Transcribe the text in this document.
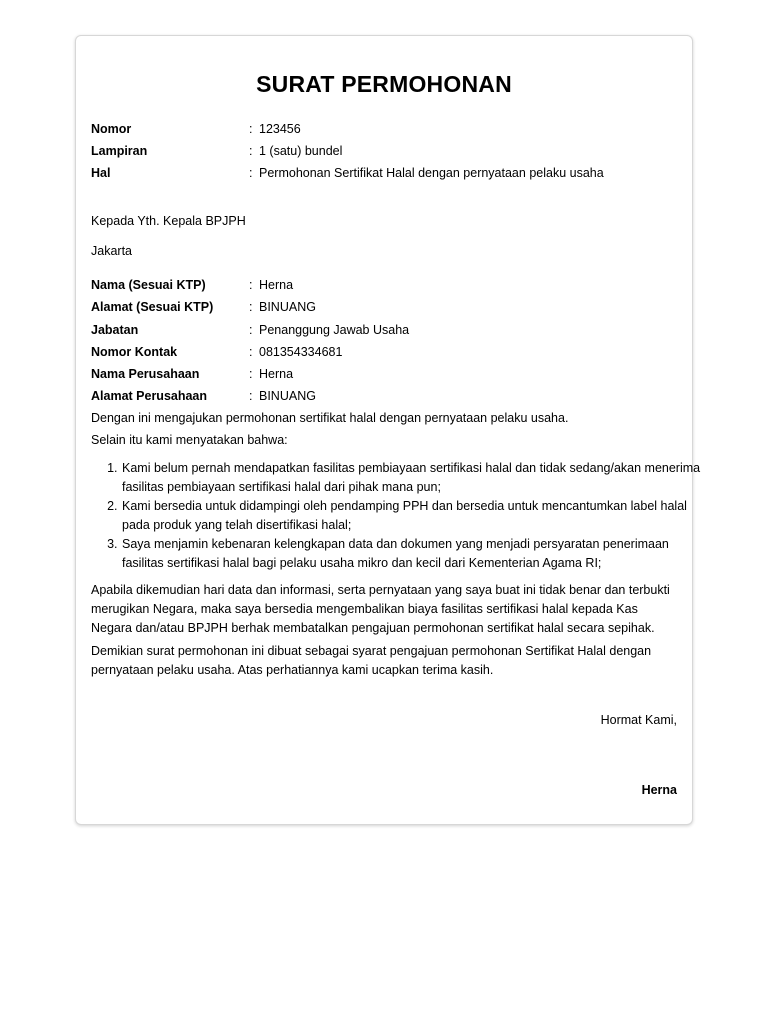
SURAT PERMOHONAN
Nomor	: 123456
Lampiran	: 1 (satu) bundel
Hal	: Permohonan Sertifikat Halal dengan pernyataan pelaku usaha
Kepada Yth. Kepala BPJPH
Jakarta
Nama (Sesuai KTP)	: Herna
Alamat (Sesuai KTP)	: BINUANG
Jabatan	: Penanggung Jawab Usaha
Nomor Kontak	: 081354334681
Nama Perusahaan	: Herna
Alamat Perusahaan	: BINUANG
Dengan ini mengajukan permohonan sertifikat halal dengan pernyataan pelaku usaha.
Selain itu kami menyatakan bahwa:
1. Kami belum pernah mendapatkan fasilitas pembiayaan sertifikasi halal dan tidak sedang/akan menerima fasilitas pembiayaan sertifikasi halal dari pihak mana pun;
2. Kami bersedia untuk didampingi oleh pendamping PPH dan bersedia untuk mencantumkan label halal pada produk yang telah disertifikasi halal;
3. Saya menjamin kebenaran kelengkapan data dan dokumen yang menjadi persyaratan penerimaan fasilitas sertifikasi halal bagi pelaku usaha mikro dan kecil dari Kementerian Agama RI;
Apabila dikemudian hari data dan informasi, serta pernyataan yang saya buat ini tidak benar dan terbukti merugikan Negara, maka saya bersedia mengembalikan biaya fasilitas sertifikasi halal kepada Kas Negara dan/atau BPJPH berhak membatalkan pengajuan permohonan sertifikat halal secara sepihak.
Demikian surat permohonan ini dibuat sebagai syarat pengajuan permohonan Sertifikat Halal dengan pernyataan pelaku usaha. Atas perhatiannya kami ucapkan terima kasih.
Hormat Kami,
Herna
